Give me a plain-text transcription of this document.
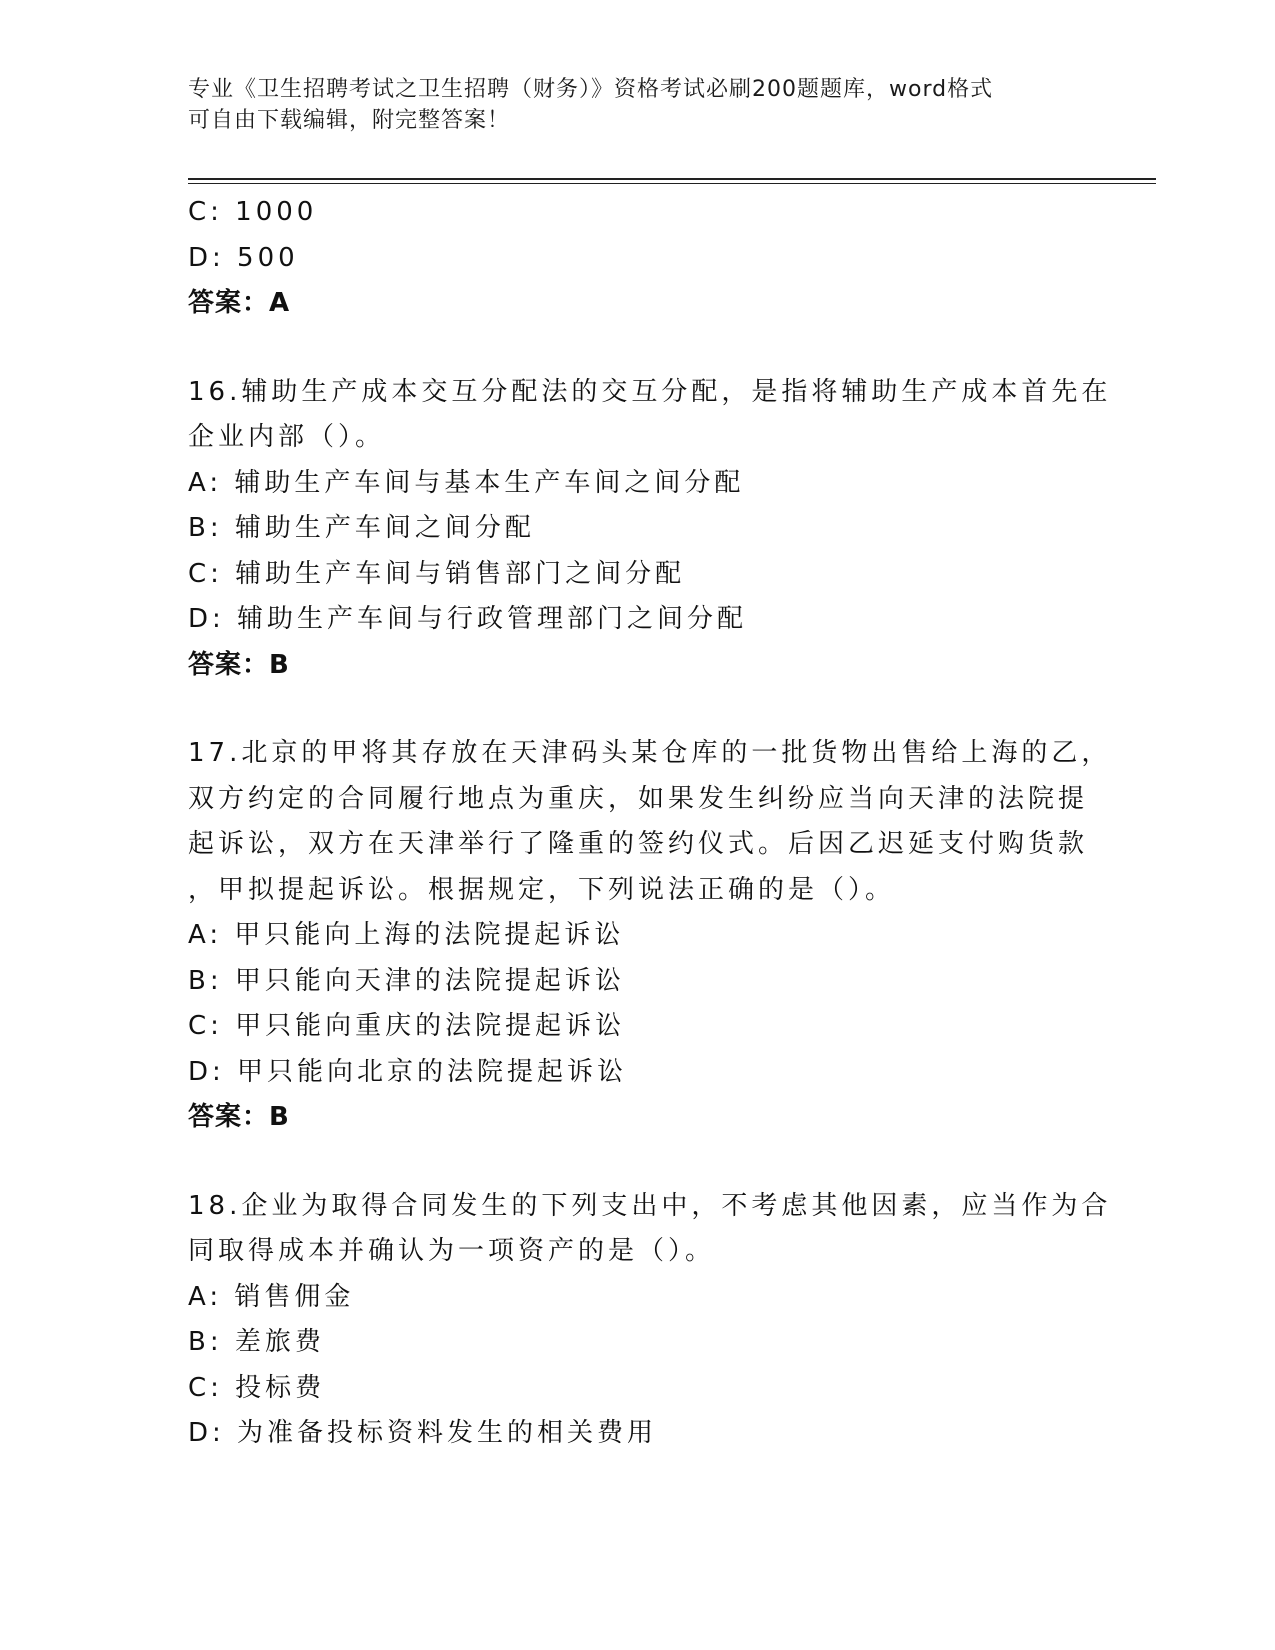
专业《卫生招聘考试之卫生招聘（财务）》资格考试必刷200题题库，word格式
可自由下载编辑，附完整答案！
C: 1000
D: 500
答案：A
16.辅助生产成本交互分配法的交互分配，是指将辅助生产成本首先在
企业内部（）。
A: 辅助生产车间与基本生产车间之间分配
B: 辅助生产车间之间分配
C: 辅助生产车间与销售部门之间分配
D: 辅助生产车间与行政管理部门之间分配
答案：B
17.北京的甲将其存放在天津码头某仓库的一批货物出售给上海的乙，
双方约定的合同履行地点为重庆，如果发生纠纷应当向天津的法院提
起诉讼，双方在天津举行了隆重的签约仪式。后因乙迟延支付购货款
，甲拟提起诉讼。根据规定，下列说法正确的是（）。
A: 甲只能向上海的法院提起诉讼
B: 甲只能向天津的法院提起诉讼
C: 甲只能向重庆的法院提起诉讼
D: 甲只能向北京的法院提起诉讼
答案：B
18.企业为取得合同发生的下列支出中，不考虑其他因素，应当作为合
同取得成本并确认为一项资产的是（）。
A: 销售佣金
B: 差旅费
C: 投标费
D: 为准备投标资料发生的相关费用
